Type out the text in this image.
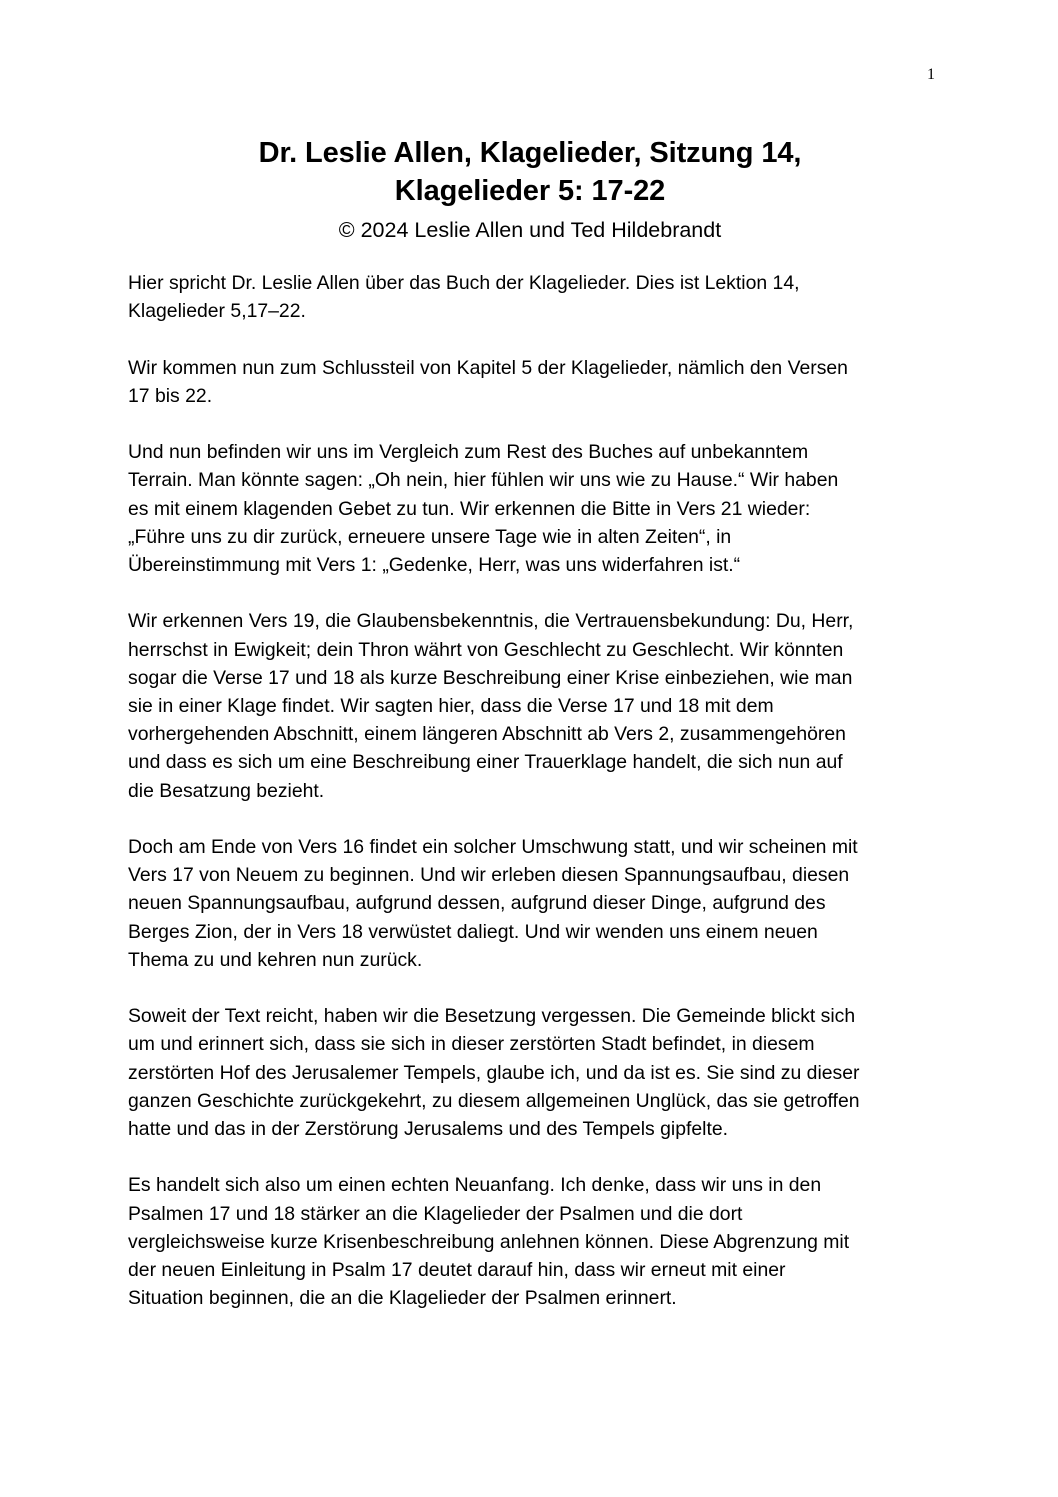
1
Dr. Leslie Allen, Klagelieder, Sitzung 14,
Klagelieder 5: 17-22
© 2024 Leslie Allen und Ted Hildebrandt

Hier spricht Dr. Leslie Allen über das Buch der Klagelieder. Dies ist Lektion 14,
Klagelieder 5,17–22.

Wir kommen nun zum Schlussteil von Kapitel 5 der Klagelieder, nämlich den Versen
17 bis 22.

Und nun befinden wir uns im Vergleich zum Rest des Buches auf unbekanntem
Terrain. Man könnte sagen: „Oh nein, hier fühlen wir uns wie zu Hause.“ Wir haben
es mit einem klagenden Gebet zu tun. Wir erkennen die Bitte in Vers 21 wieder:
„Führe uns zu dir zurück, erneuere unsere Tage wie in alten Zeiten“, in
Übereinstimmung mit Vers 1: „Gedenke, Herr, was uns widerfahren ist.“

Wir erkennen Vers 19, die Glaubensbekenntnis, die Vertrauensbekundung: Du, Herr,
herrschst in Ewigkeit; dein Thron währt von Geschlecht zu Geschlecht. Wir könnten
sogar die Verse 17 und 18 als kurze Beschreibung einer Krise einbeziehen, wie man
sie in einer Klage findet. Wir sagten hier, dass die Verse 17 und 18 mit dem
vorhergehenden Abschnitt, einem längeren Abschnitt ab Vers 2, zusammengehören
und dass es sich um eine Beschreibung einer Trauerklage handelt, die sich nun auf
die Besatzung bezieht.

Doch am Ende von Vers 16 findet ein solcher Umschwung statt, und wir scheinen mit
Vers 17 von Neuem zu beginnen. Und wir erleben diesen Spannungsaufbau, diesen
neuen Spannungsaufbau, aufgrund dessen, aufgrund dieser Dinge, aufgrund des
Berges Zion, der in Vers 18 verwüstet daliegt. Und wir wenden uns einem neuen
Thema zu und kehren nun zurück.

Soweit der Text reicht, haben wir die Besetzung vergessen. Die Gemeinde blickt sich
um und erinnert sich, dass sie sich in dieser zerstörten Stadt befindet, in diesem
zerstörten Hof des Jerusalemer Tempels, glaube ich, und da ist es. Sie sind zu dieser
ganzen Geschichte zurückgekehrt, zu diesem allgemeinen Unglück, das sie getroffen
hatte und das in der Zerstörung Jerusalems und des Tempels gipfelte.

Es handelt sich also um einen echten Neuanfang. Ich denke, dass wir uns in den
Psalmen 17 und 18 stärker an die Klagelieder der Psalmen und die dort
vergleichsweise kurze Krisenbeschreibung anlehnen können. Diese Abgrenzung mit
der neuen Einleitung in Psalm 17 deutet darauf hin, dass wir erneut mit einer
Situation beginnen, die an die Klagelieder der Psalmen erinnert.
